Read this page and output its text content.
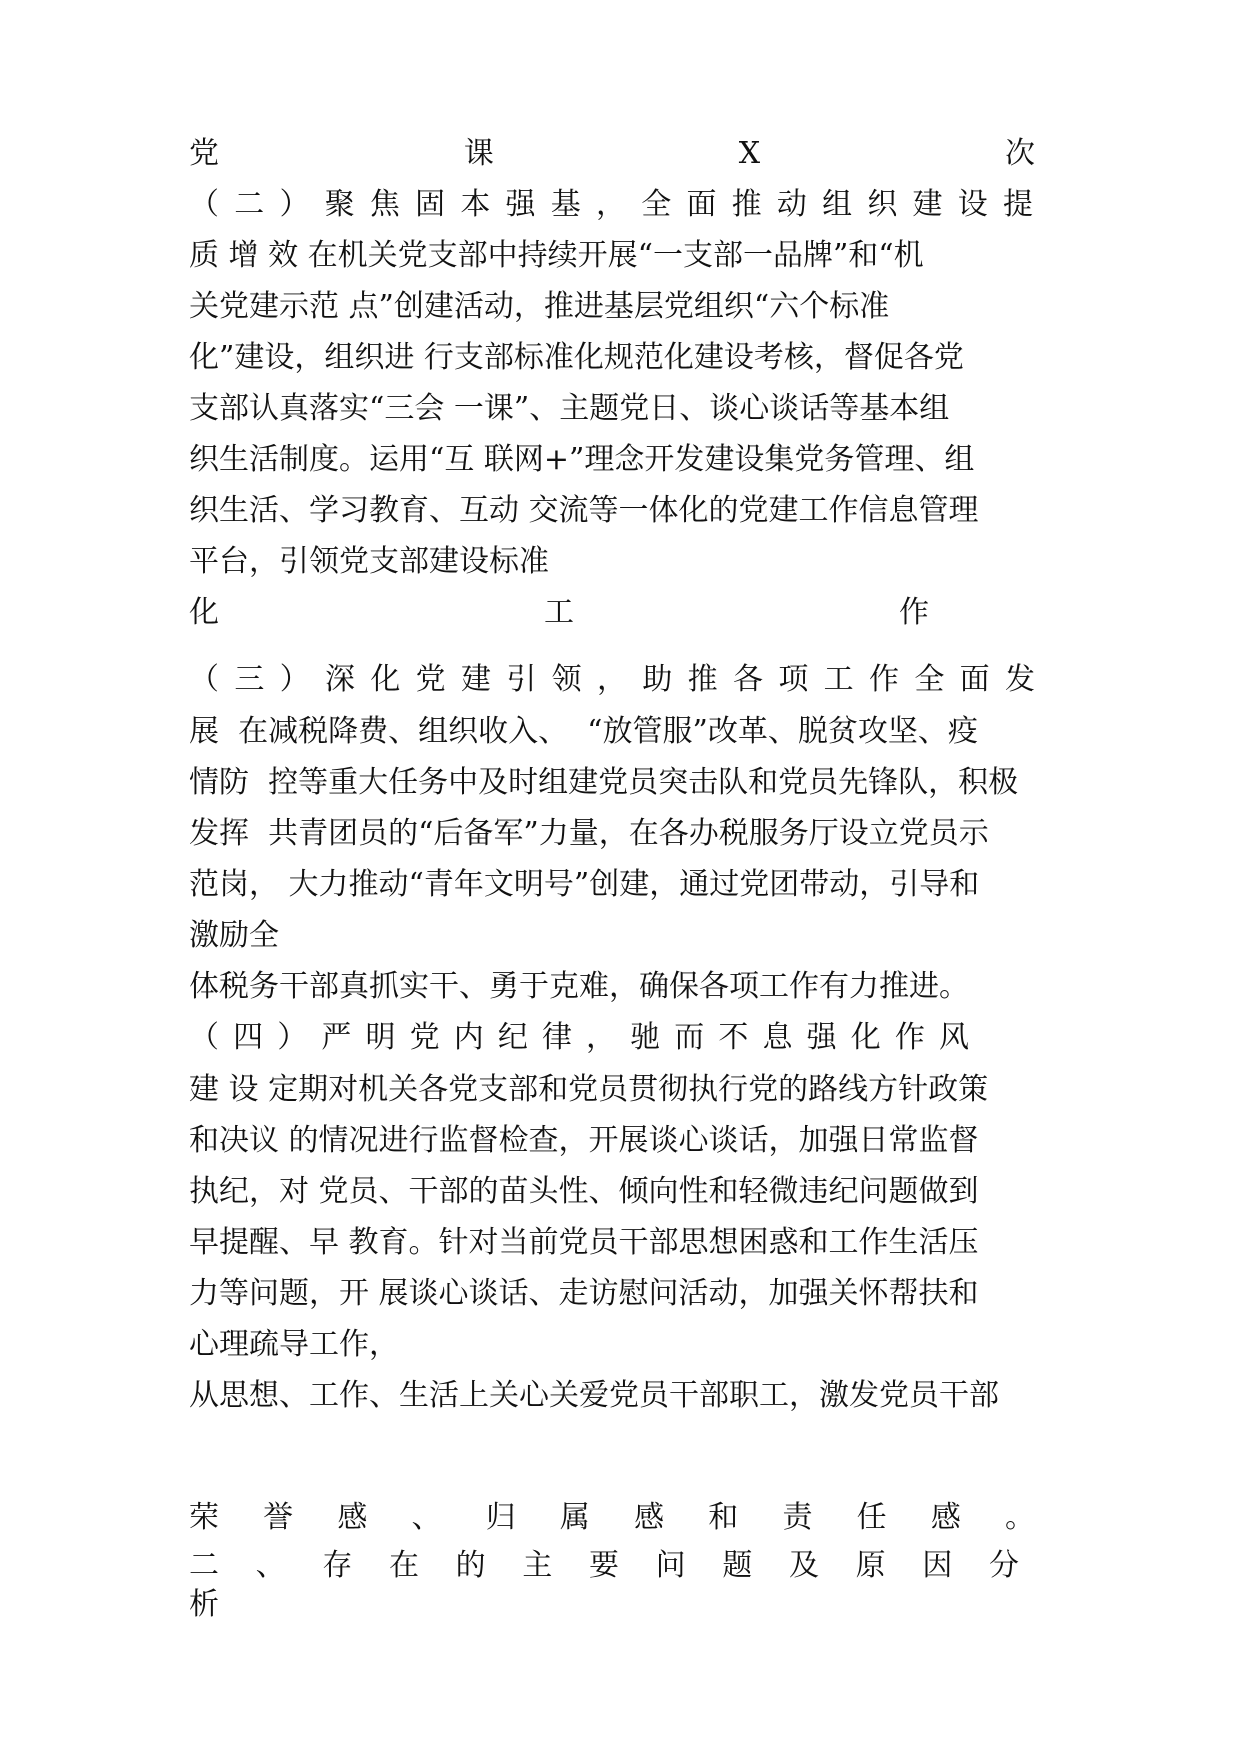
党课X次

（二）聚焦固本强基，全面推动组织建设提

质 增 效 在机关党支部中持续开展“一支部一品牌”和“机

关党建示范 点”创建活动，推进基层党组织“六个标准

化”建设，组织进 行支部标准化规范化建设考核，督促各党

支部认真落实“三会 一课”、主题党日、谈心谈话等基本组

织生活制度。运用“互 联网+”理念开发建设集党务管理、组

织生活、学习教育、互动 交流等一体化的党建工作信息管理

平台，引领党支部建设标准

化工作

（三）深化党建引领，助推各项工作全面发

展  在减税降费、组织收入、  “放管服”改革、脱贫攻坚、疫

情防  控等重大任务中及时组建党员突击队和党员先锋队，积极

发挥  共青团员的“后备军”力量，在各办税服务厅设立党员示

范岗， 大力推动“青年文明号”创建，通过党团带动，引导和

激励全

体税务干部真抓实干、勇于克难，确保各项工作有力推进。

（四）严明党内纪律，驰而不息强化作风

建 设 定期对机关各党支部和党员贯彻执行党的路线方针政策

和决议 的情况进行监督检查，开展谈心谈话，加强日常监督

执纪，对 党员、干部的苗头性、倾向性和轻微违纪问题做到

早提醒、早 教育。针对当前党员干部思想困惑和工作生活压

力等问题，开 展谈心谈话、走访慰问活动，加强关怀帮扶和

心理疏导工作，

从思想、工作、生活上关心关爱党员干部职工，激发党员干部

荣誉感、归属感和责任感。

二、存在的主要问题及原因分

析
